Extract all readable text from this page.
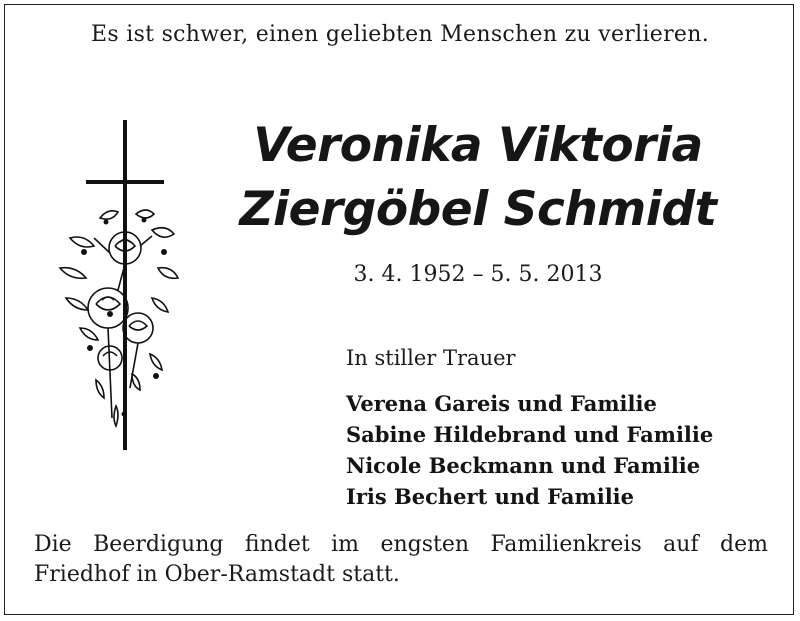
Es ist schwer, einen geliebten Menschen zu verlieren.
Veronika Viktoria
Ziergöbel Schmidt
3. 4. 1952 – 5. 5. 2013
In stiller Trauer
Verena Gareis und Familie
Sabine Hildebrand und Familie
Nicole Beckmann und Familie
Iris Bechert und Familie
Die Beerdigung findet im engsten Familienkreis auf dem
Friedhof in Ober-Ramstadt statt.
